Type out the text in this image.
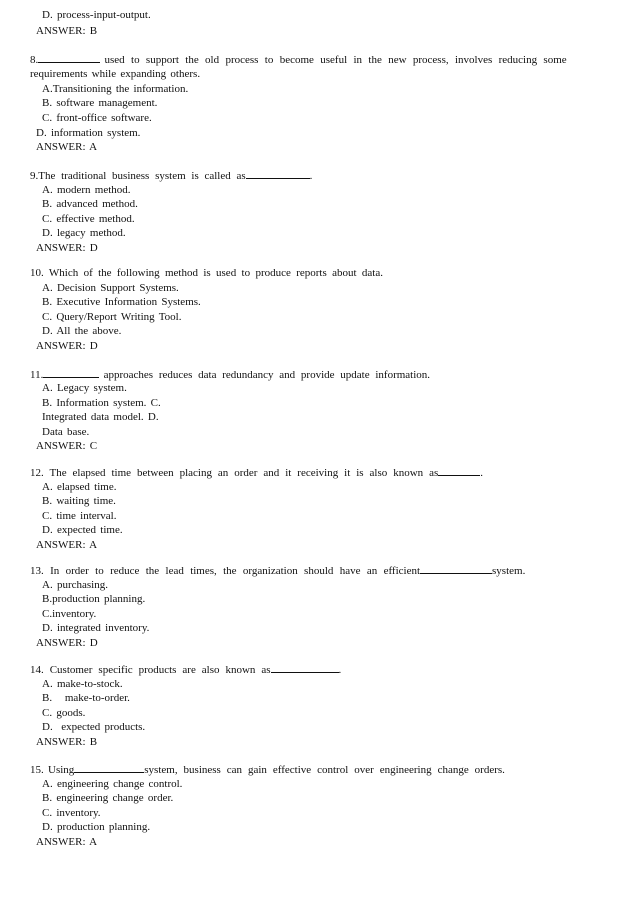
D. process-input-output.
ANSWER: B
8.	used to support the old process to become useful in the new process, involves reducing some
requirements while expanding others.
A.Transitioning the information.
B. software management.
C. front-office software.
D. information system.
ANSWER: A
9.The traditional business system is called as	.
A. modern method.
B. advanced method.
C. effective method.
D. legacy method.
ANSWER: D
10. Which of the following method is used to produce reports about data.
A. Decision Support Systems.
B. Executive Information Systems.
C. Query/Report Writing Tool.
D. All the above.
ANSWER: D
11.	approaches reduces data redundancy and provide update information.
A. Legacy system.
B. Information system. C.
Integrated data model. D.
Data base.
ANSWER: C
12. The elapsed time between placing an order and it receiving it is also known as	.
A. elapsed time.
B. waiting time.
C. time interval.
D. expected time.
ANSWER: A
13. In order to reduce the lead times, the organization should have an efficient	system.
A. purchasing.
B.production planning.
C.inventory.
D. integrated inventory.
ANSWER: D
14. Customer specific products are also known as	.
A. make-to-stock.
B.   make-to-order.
C. goods.
D.  expected products.
ANSWER: B
15. Using	system, business can gain effective control over engineering change orders.
A. engineering change control.
B. engineering change order.
C. inventory.
D. production planning.
ANSWER: A
